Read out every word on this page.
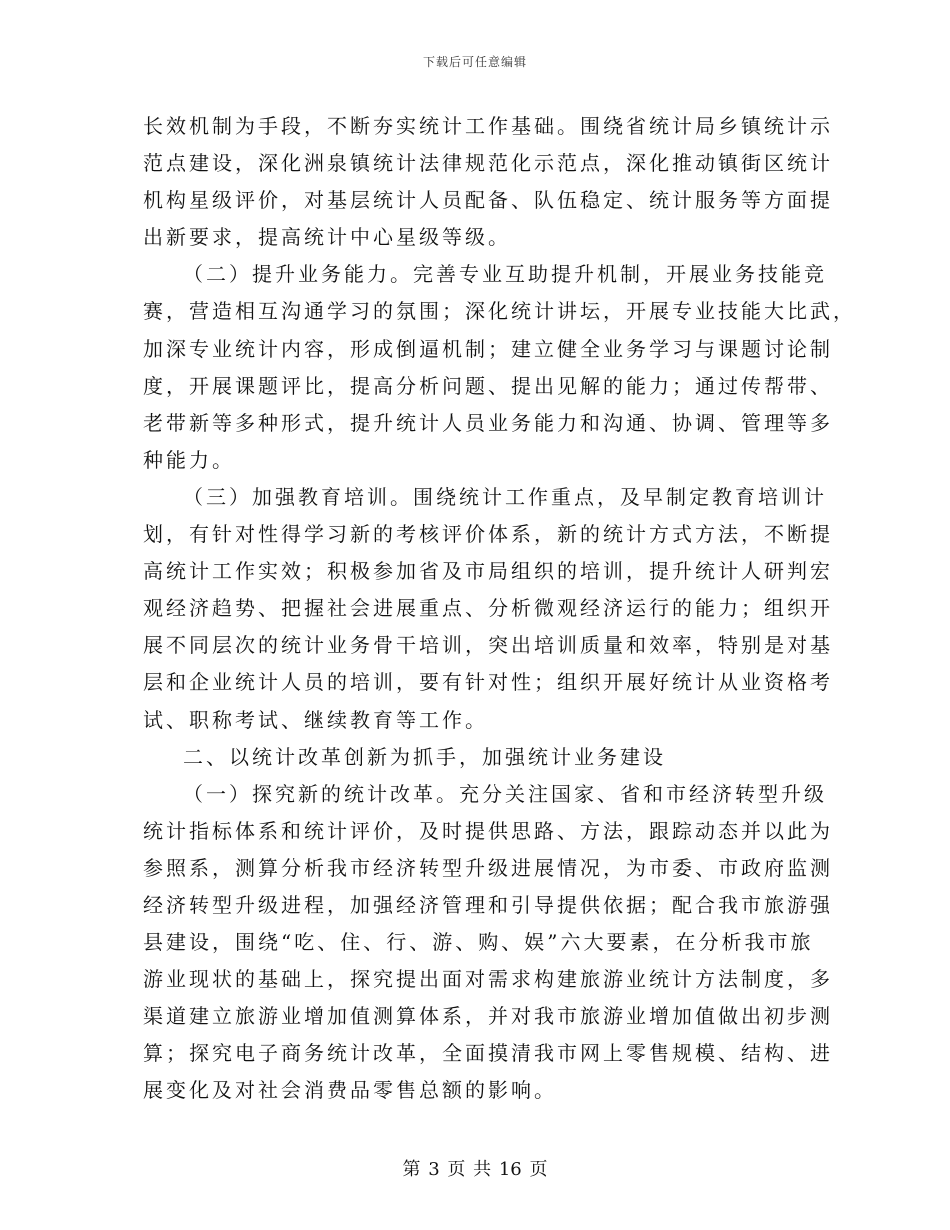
下载后可任意编辑
长效机制为手段，不断夯实统计工作基础。围绕省统计局乡镇统计示
范点建设，深化洲泉镇统计法律规范化示范点，深化推动镇街区统计
机构星级评价，对基层统计人员配备、队伍稳定、统计服务等方面提
出新要求，提高统计中心星级等级。
（二）提升业务能力。完善专业互助提升机制，开展业务技能竞
赛，营造相互沟通学习的氛围；深化统计讲坛，开展专业技能大比武，
加深专业统计内容，形成倒逼机制；建立健全业务学习与课题讨论制
度，开展课题评比，提高分析问题、提出见解的能力；通过传帮带、
老带新等多种形式，提升统计人员业务能力和沟通、协调、管理等多
种能力。
（三）加强教育培训。围绕统计工作重点，及早制定教育培训计
划，有针对性得学习新的考核评价体系，新的统计方式方法，不断提
高统计工作实效；积极参加省及市局组织的培训，提升统计人研判宏
观经济趋势、把握社会进展重点、分析微观经济运行的能力；组织开
展不同层次的统计业务骨干培训，突出培训质量和效率，特别是对基
层和企业统计人员的培训，要有针对性；组织开展好统计从业资格考
试、职称考试、继续教育等工作。
二、以统计改革创新为抓手，加强统计业务建设
（一）探究新的统计改革。充分关注国家、省和市经济转型升级
统计指标体系和统计评价，及时提供思路、方法，跟踪动态并以此为
参照系，测算分析我市经济转型升级进展情况，为市委、市政府监测
经济转型升级进程，加强经济管理和引导提供依据；配合我市旅游强
县建设，围绕“吃、住、行、游、购、娱”六大要素，在分析我市旅
游业现状的基础上，探究提出面对需求构建旅游业统计方法制度，多
渠道建立旅游业增加值测算体系，并对我市旅游业增加值做出初步测
算；探究电子商务统计改革，全面摸清我市网上零售规模、结构、进
展变化及对社会消费品零售总额的影响。
第 3 页 共 16 页
